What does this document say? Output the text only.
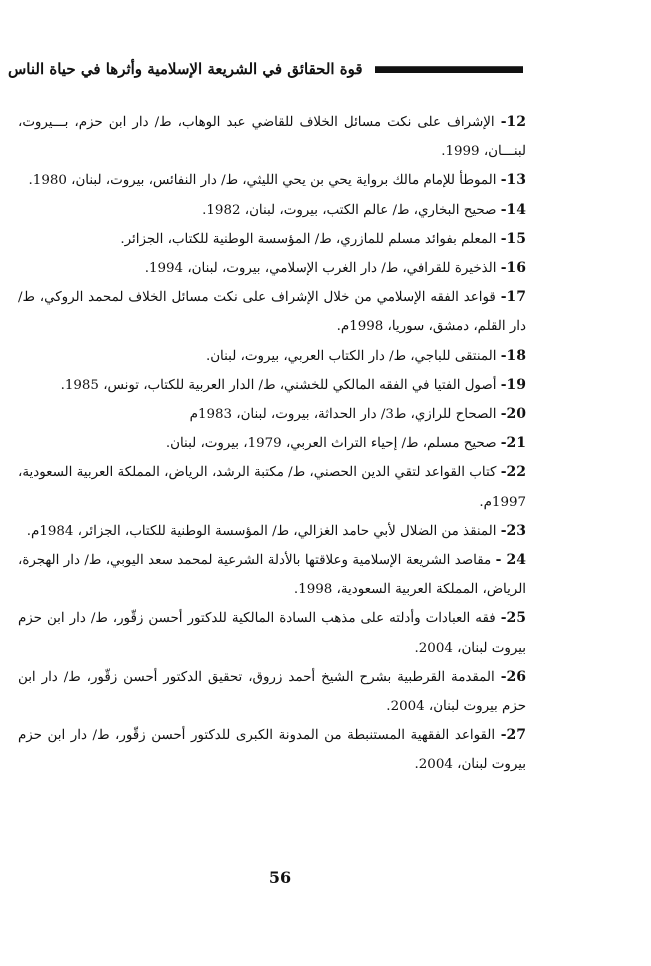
قوة الحقائق في الشريعة الإسلامية وأثرها في حياة الناس
12- الإشراف على نكت مسائل الخلاف للقاضي عبد الوهاب، ط/ دار ابن حزم، بـــيروت، لبنـــان، 1999.
13- الموطأ للإمام مالك برواية يحي بن يحي الليثي، ط/ دار النفائس، بيروت، لبنان، 1980.
14- صحيح البخاري، ط/ عالم الكتب، بيروت، لبنان، 1982.
15- المعلم بفوائد مسلم للمازري، ط/ المؤسسة الوطنية للكتاب، الجزائر.
16- الذخيرة للقرافي، ط/ دار الغرب الإسلامي، بيروت، لبنان، 1994.
17- قواعد الفقه الإسلامي من خلال الإشراف على نكت مسائل الخلاف لمحمد الروكي، ط/ دار القلم، دمشق، سوريا، 1998م.
18- المنتقى للباجي، ط/ دار الكتاب العربي، بيروت، لبنان.
19- أصول الفتيا في الفقه المالكي للخشني، ط/ الدار العربية للكتاب، تونس، 1985.
20- الصحاح للرازي، ط3/ دار الحداثة، بيروت، لبنان، 1983م
21- صحيح مسلم، ط/ إحياء التراث العربي، 1979، بيروت، لبنان.
22- كتاب القواعد لتقي الدين الحصني، ط/ مكتبة الرشد، الرياض، المملكة العربية السعودية، 1997م.
23- المنقذ من الضلال لأبي حامد الغزالي، ط/ المؤسسة الوطنية للكتاب، الجزائر، 1984م.
24 - مقاصد الشريعة الإسلامية وعلاقتها بالأدلة الشرعية لمحمد سعد اليوبي، ط/ دار الهجرة، الرياض، المملكة العربية السعودية، 1998.
25- فقه العبادات وأدلته على مذهب السادة المالكية للدكتور أحسن زقّور، ط/ دار ابن حزم بيروت لبنان، 2004.
26- المقدمة القرطبية بشرح الشيخ أحمد زروق، تحقيق الدكتور أحسن زقّور، ط/ دار ابن حزم بيروت لبنان، 2004.
27- القواعد الفقهية المستنبطة من المدونة الكبرى للدكتور أحسن زقّور، ط/ دار ابن حزم بيروت لبنان، 2004.
56
